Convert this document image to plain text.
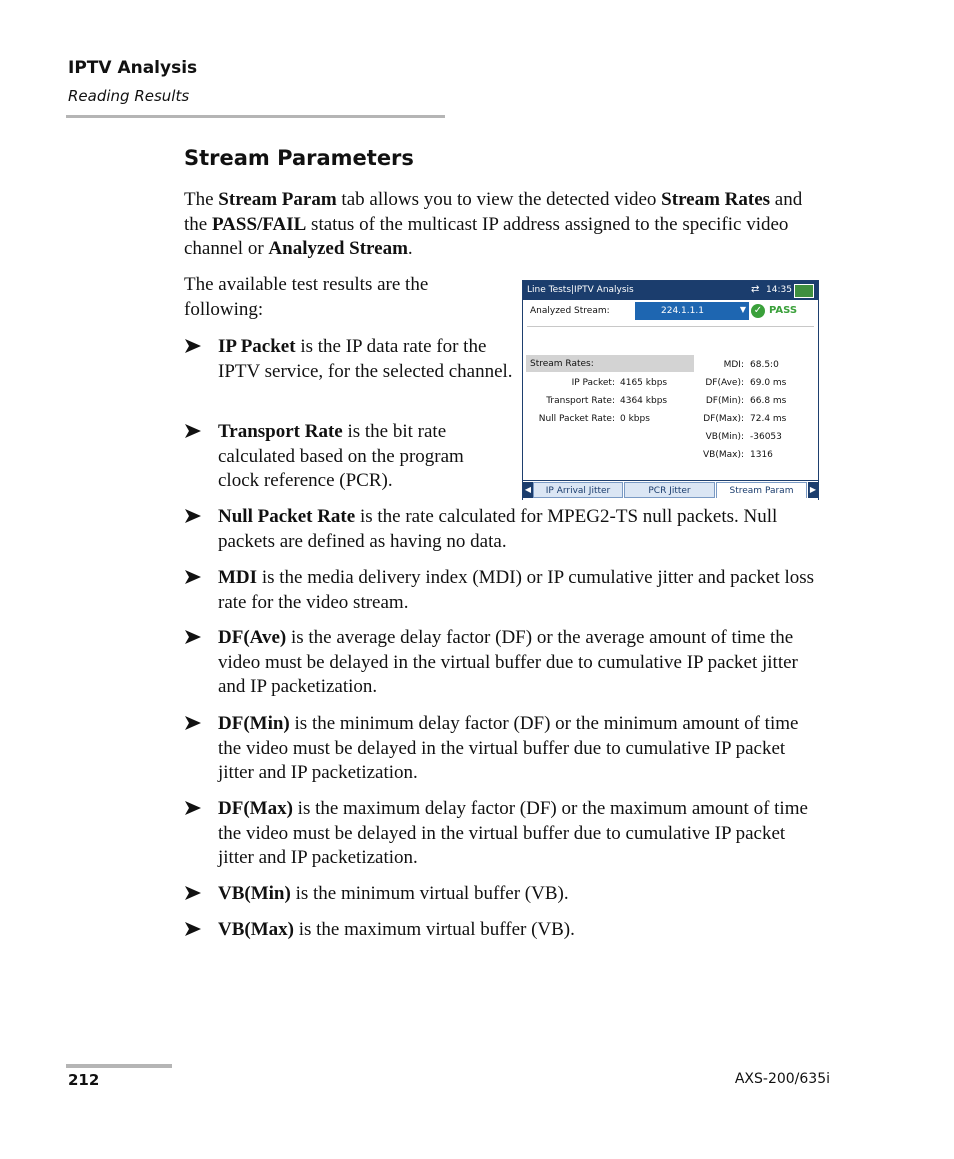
IPTV Analysis
Reading Results
Stream Parameters
The Stream Param tab allows you to view the detected video Stream Rates and the PASS/FAIL status of the multicast IP address assigned to the specific video channel or Analyzed Stream.
The available test results are the following:
IP Packet is the IP data rate for the IPTV service, for the selected channel.
Transport Rate is the bit rate calculated based on the program clock reference (PCR).
Null Packet Rate is the rate calculated for MPEG2-TS null packets. Null packets are defined as having no data.
MDI is the media delivery index (MDI) or IP cumulative jitter and packet loss rate for the video stream.
DF(Ave) is the average delay factor (DF) or the average amount of time the video must be delayed in the virtual buffer due to cumulative IP packet jitter and IP packetization.
DF(Min) is the minimum delay factor (DF) or the minimum amount of time the video must be delayed in the virtual buffer due to cumulative IP packet jitter and IP packetization.
DF(Max) is the maximum delay factor (DF) or the maximum amount of time the video must be delayed in the virtual buffer due to cumulative IP packet jitter and IP packetization.
VB(Min) is the minimum virtual buffer (VB).
VB(Max) is the maximum virtual buffer (VB).
Line Tests|IPTV Analysis	⇄ 14:35
Analyzed Stream:	224.1.1.1	▼ ✓ PASS
Stream Rates:
IP Packet: 4165 kbps
Transport Rate: 4364 kbps
Null Packet Rate: 0 kbps
MDI: 68.5:0
DF(Ave): 69.0 ms
DF(Min): 66.8 ms
DF(Max): 72.4 ms
VB(Min): -36053
VB(Max): 1316
◀	IP Arrival Jitter	PCR Jitter	Stream Param	▶
212	AXS-200/635i
